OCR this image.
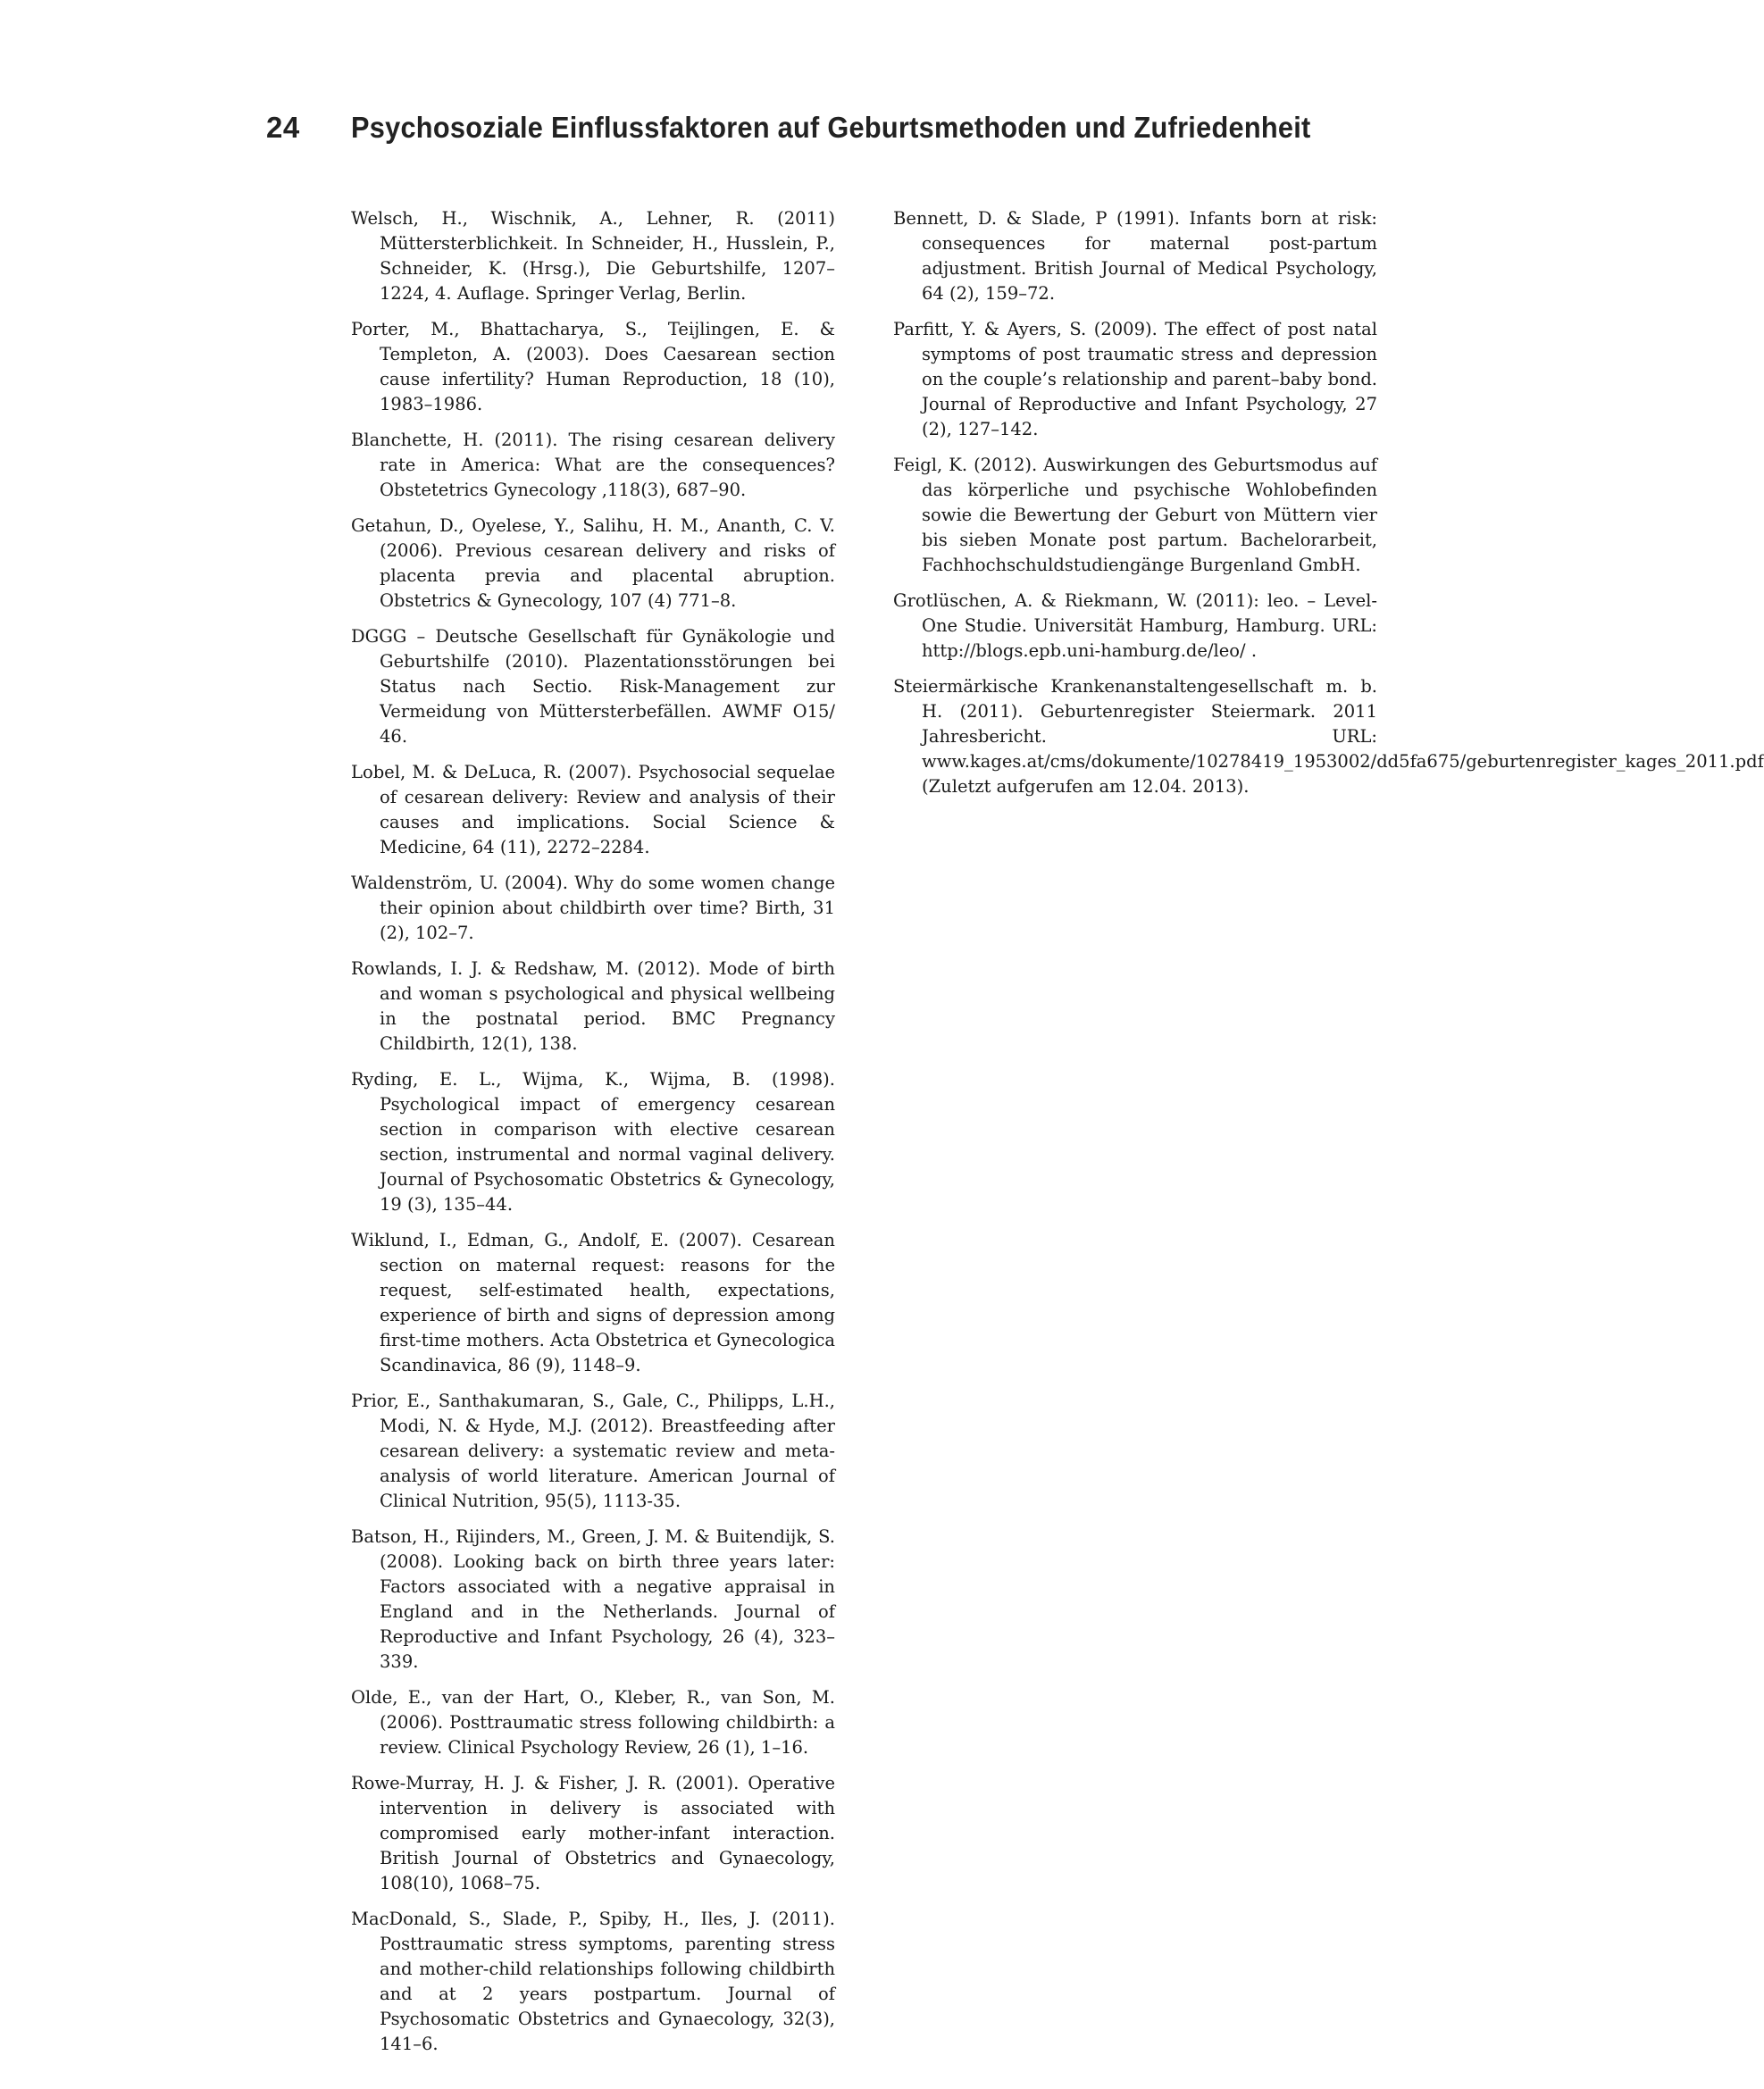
24 Psychosoziale Einflussfaktoren auf Geburtsmethoden und Zufriedenheit

Welsch, H., Wischnik, A., Lehner, R. (2011) Müttersterblichkeit. In Schneider, H., Husslein, P., Schneider, K. (Hrsg.), Die Geburtshilfe, 1207–1224, 4. Auflage. Springer Verlag, Berlin.

Porter, M., Bhattacharya, S., Teijlingen, E. & Templeton, A. (2003). Does Caesarean section cause infertility? Human Reproduction, 18 (10), 1983–1986.

Blanchette, H. (2011). The rising cesarean delivery rate in America: What are the consequences? Obstetetrics Gynecology ,118(3), 687–90.

Getahun, D., Oyelese, Y., Salihu, H. M., Ananth, C. V. (2006). Previous cesarean delivery and risks of placenta previa and placental abruption. Obstetrics & Gynecology, 107 (4) 771–8.

DGGG – Deutsche Gesellschaft für Gynäkologie und Geburtshilfe (2010). Plazentationsstörungen bei Status nach Sectio. Risk-Management zur Vermeidung von Müttersterbefällen. AWMF O15/ 46.

Lobel, M. & DeLuca, R. (2007). Psychosocial sequelae of cesarean delivery: Review and analysis of their causes and implications. Social Science & Medicine, 64 (11), 2272–2284.

Waldenström, U. (2004). Why do some women change their opinion about childbirth over time? Birth, 31 (2), 102–7.

Rowlands, I. J. & Redshaw, M. (2012). Mode of birth and woman s psychological and physical wellbeing in the postnatal period. BMC Pregnancy Childbirth, 12(1), 138.

Ryding, E. L., Wijma, K., Wijma, B. (1998). Psychological impact of emergency cesarean section in comparison with elective cesarean section, instrumental and normal vaginal delivery. Journal of Psychosomatic Obstetrics & Gynecology, 19 (3), 135–44.

Wiklund, I., Edman, G., Andolf, E. (2007). Cesarean section on maternal request: reasons for the request, self-estimated health, expectations, experience of birth and signs of depression among first-time mothers. Acta Obstetrica et Gynecologica Scandinavica, 86 (9), 1148–9.

Prior, E., Santhakumaran, S., Gale, C., Philipps, L.H., Modi, N. & Hyde, M.J. (2012). Breastfeeding after cesarean delivery: a systematic review and meta-analysis of world literature. American Journal of Clinical Nutrition, 95(5), 1113-35.

Batson, H., Rijinders, M., Green, J. M. & Buitendijk, S. (2008). Looking back on birth three years later: Factors associated with a negative appraisal in England and in the Netherlands. Journal of Reproductive and Infant Psychology, 26 (4), 323–339.

Olde, E., van der Hart, O., Kleber, R., van Son, M. (2006). Posttraumatic stress following childbirth: a review. Clinical Psychology Review, 26 (1), 1–16.

Rowe-Murray, H. J. & Fisher, J. R. (2001). Operative intervention in delivery is associated with compromised early mother-infant interaction. British Journal of Obstetrics and Gynaecology, 108(10), 1068–75.

MacDonald, S., Slade, P., Spiby, H., Iles, J. (2011). Posttraumatic stress symptoms, parenting stress and mother-child relationships following childbirth and at 2 years postpartum. Journal of Psychosomatic Obstetrics and Gynaecology, 32(3), 141–6.

Bennett, D. & Slade, P (1991). Infants born at risk: consequences for maternal post-partum adjustment. British Journal of Medical Psychology, 64 (2), 159–72.

Parfitt, Y. & Ayers, S. (2009). The effect of post natal symptoms of post traumatic stress and depression on the couple’s relationship and parent–baby bond. Journal of Reproductive and Infant Psychology, 27 (2), 127–142.

Feigl, K. (2012). Auswirkungen des Geburtsmodus auf das körperliche und psychische Wohlobefinden sowie die Bewertung der Geburt von Müttern vier bis sieben Monate post partum. Bachelorarbeit, Fachhochschuldstudiengänge Burgenland GmbH.

Grotlüschen, A. & Riekmann, W. (2011): leo. – Level-One Studie. Universität Hamburg, Hamburg. URL: http://blogs.epb.uni-hamburg.de/leo/ .

Steiermärkische Krankenanstaltengesellschaft m. b. H. (2011). Geburtenregister Steiermark. 2011 Jahresbericht. URL: www.kages.at/cms/dokumente/10278419_1953002/dd5fa675/geburtenregister_kages_2011.pdf (Zuletzt aufgerufen am 12.04. 2013).
